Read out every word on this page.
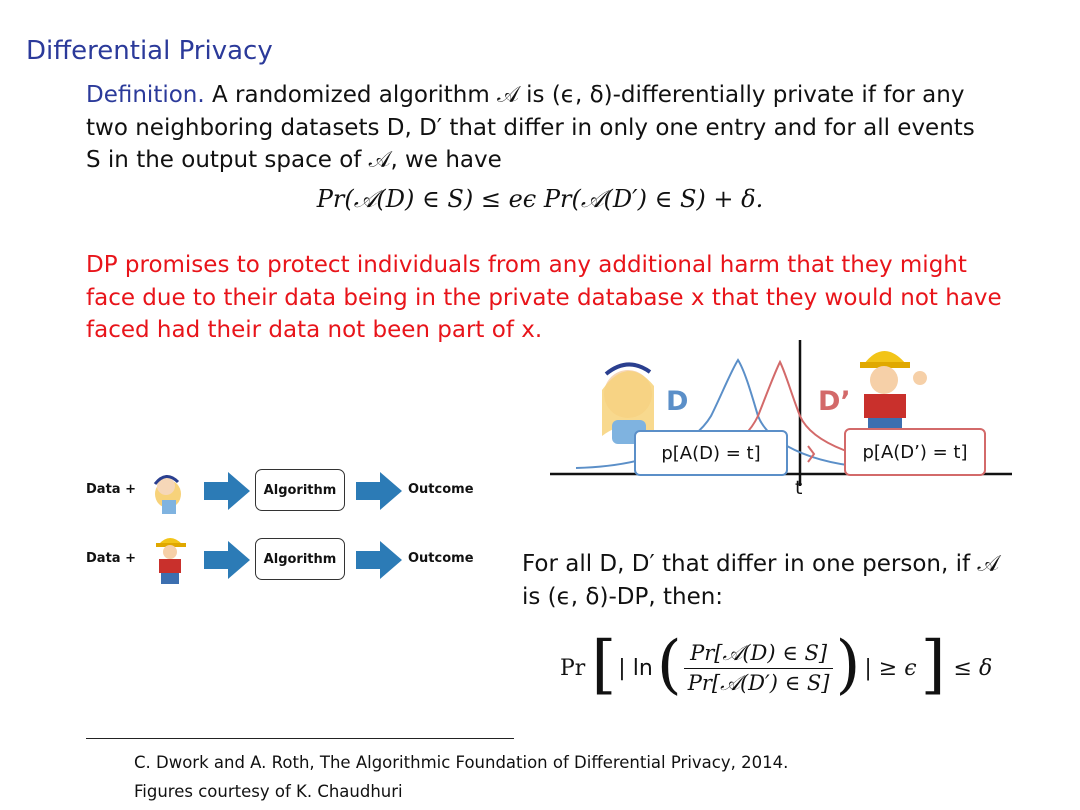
Differential Privacy
Definition. A randomized algorithm 𝒜 is (ϵ, δ)-differentially private if for any
two neighboring datasets D, D′ that differ in only one entry and for all events
S in the output space of 𝒜, we have
Pr(𝒜(D) ∈ S) ≤ eϵ Pr(𝒜(D′) ∈ S) + δ.
DP promises to protect individuals from any additional harm that they might
face due to their data being in the private database x that they would not have
faced had their data not been part of x.
Data +	Algorithm	Outcome
Data +	Algorithm	Outcome
D	D’
p[A(D) = t]	p[A(D’) = t]
t
For all D, D′ that differ in one person, if 𝒜
is (ϵ, δ)-DP, then:
Pr [ | ln ( Pr[𝒜(D) ∈ S]
Pr[𝒜(D′) ∈ S] ) | ≥ ϵ ] ≤ δ
C. Dwork and A. Roth, The Algorithmic Foundation of Differential Privacy, 2014.
Figures courtesy of K. Chaudhuri
